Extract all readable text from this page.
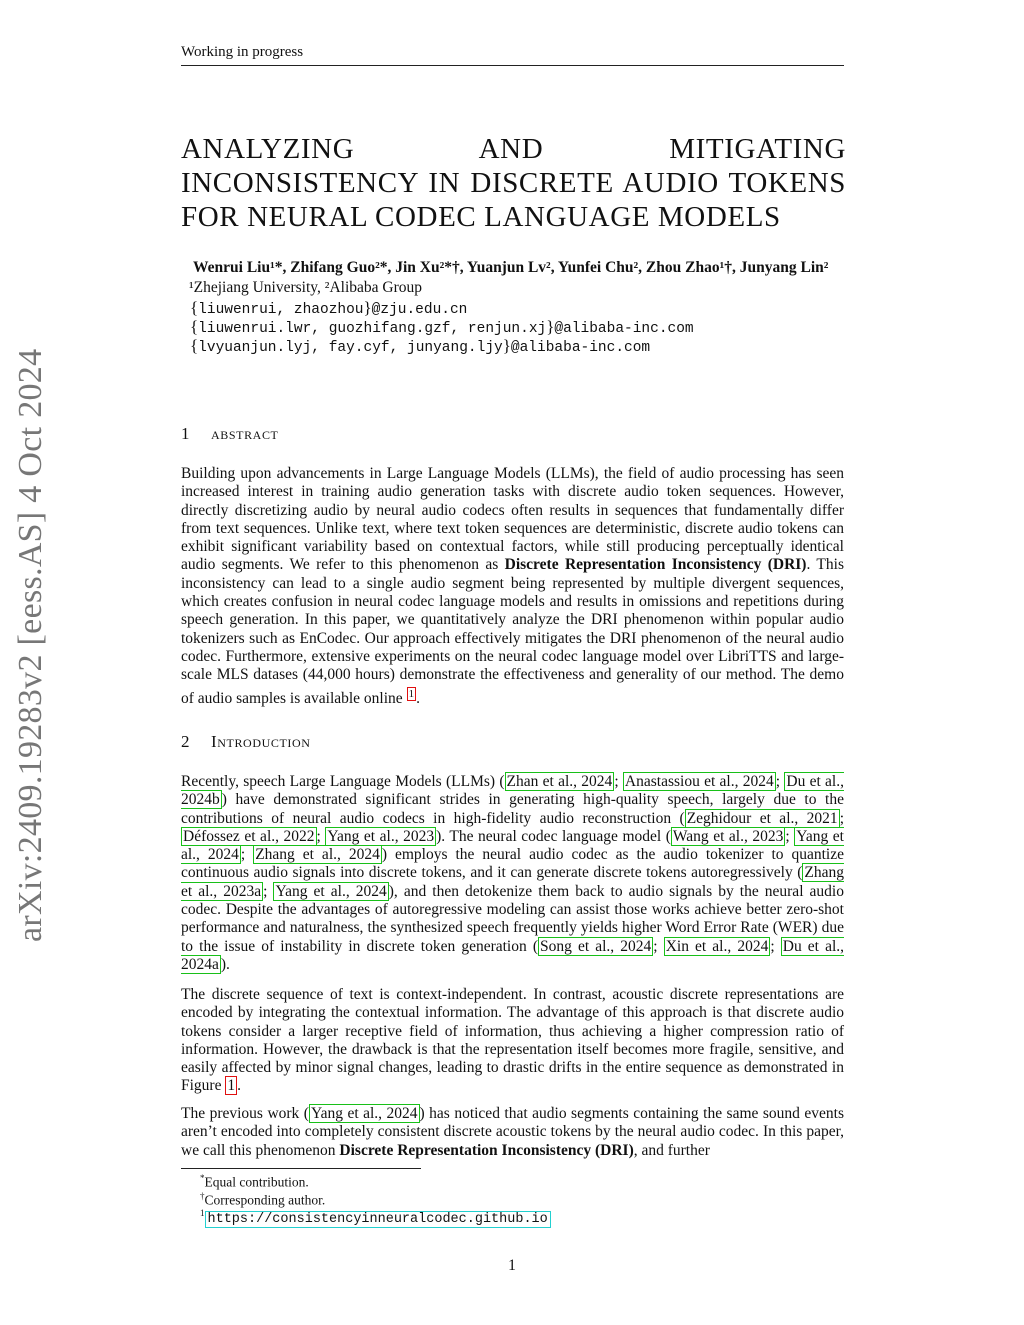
Working in progress
arXiv:2409.19283v2 [eess.AS] 4 Oct 2024
ANALYZING AND MITIGATING INCONSISTENCY IN DISCRETE AUDIO TOKENS FOR NEURAL CODEC LANGUAGE MODELS
Wenrui Liu¹*, Zhifang Guo²*, Jin Xu²*†, Yuanjun Lv², Yunfei Chu², Zhou Zhao¹†, Junyang Lin²
¹Zhejiang University, ²Alibaba Group
{liuwenrui, zhaozhou}@zju.edu.cn
{liuwenrui.lwr, guozhifang.gzf, renjun.xj}@alibaba-inc.com
{lvyuanjun.lyj, fay.cyf, junyang.ljy}@alibaba-inc.com
1 abstract
Building upon advancements in Large Language Models (LLMs), the field of audio processing has seen increased interest in training audio generation tasks with discrete audio token sequences. However, directly discretizing audio by neural audio codecs often results in sequences that fundamentally differ from text sequences. Unlike text, where text token sequences are deterministic, discrete audio tokens can exhibit significant variability based on contextual factors, while still producing perceptually identical audio segments. We refer to this phenomenon as Discrete Representation Inconsistency (DRI). This inconsistency can lead to a single audio segment being represented by multiple divergent sequences, which creates confusion in neural codec language models and results in omissions and repetitions during speech generation. In this paper, we quantitatively analyze the DRI phenomenon within popular audio tokenizers such as EnCodec. Our approach effectively mitigates the DRI phenomenon of the neural audio codec. Furthermore, extensive experiments on the neural codec language model over LibriTTS and large-scale MLS datases (44,000 hours) demonstrate the effectiveness and generality of our method. The demo of audio samples is available online $^1$ .
2 Introduction
Recently, speech Large Language Models (LLMs) ( Zhan et al., 2024 ; Anastassiou et al., 2024 ; Du et al., 2024b ) have demonstrated significant strides in generating high-quality speech, largely due to the contributions of neural audio codecs in high-fidelity audio reconstruction ( Zeghidour et al., 2021 ; Défossez et al., 2022 ; Yang et al., 2023 ). The neural codec language model ( Wang et al., 2023 ; Yang et al., 2024 ; Zhang et al., 2024 ) employs the neural audio codec as the audio tokenizer to quantize continuous audio signals into discrete tokens, and it can generate discrete tokens autoregressively ( Zhang et al., 2023a ; Yang et al., 2024 ), and then detokenize them back to audio signals by the neural audio codec. Despite the advantages of autoregressive modeling can assist those works achieve better zero-shot performance and naturalness, the synthesized speech frequently yields higher Word Error Rate (WER) due to the issue of instability in discrete token generation ( Song et al., 2024 ; Xin et al., 2024 ; Du et al., 2024a ).
The discrete sequence of text is context-independent. In contrast, acoustic discrete representations are encoded by integrating the contextual information. The advantage of this approach is that discrete audio tokens consider a larger receptive field of information, thus achieving a higher compression ratio of information. However, the drawback is that the representation itself becomes more fragile, sensitive, and easily affected by minor signal changes, leading to drastic drifts in the entire sequence as demonstrated in Figure 1 .
The previous work ( Yang et al., 2024 ) has noticed that audio segments containing the same sound events aren’t encoded into completely consistent discrete acoustic tokens by the neural audio codec. In this paper, we call this phenomenon Discrete Representation Inconsistency (DRI), and further
*Equal contribution.
†Corresponding author.
$^1$ https://consistencyinneuralcodec.github.io
1
